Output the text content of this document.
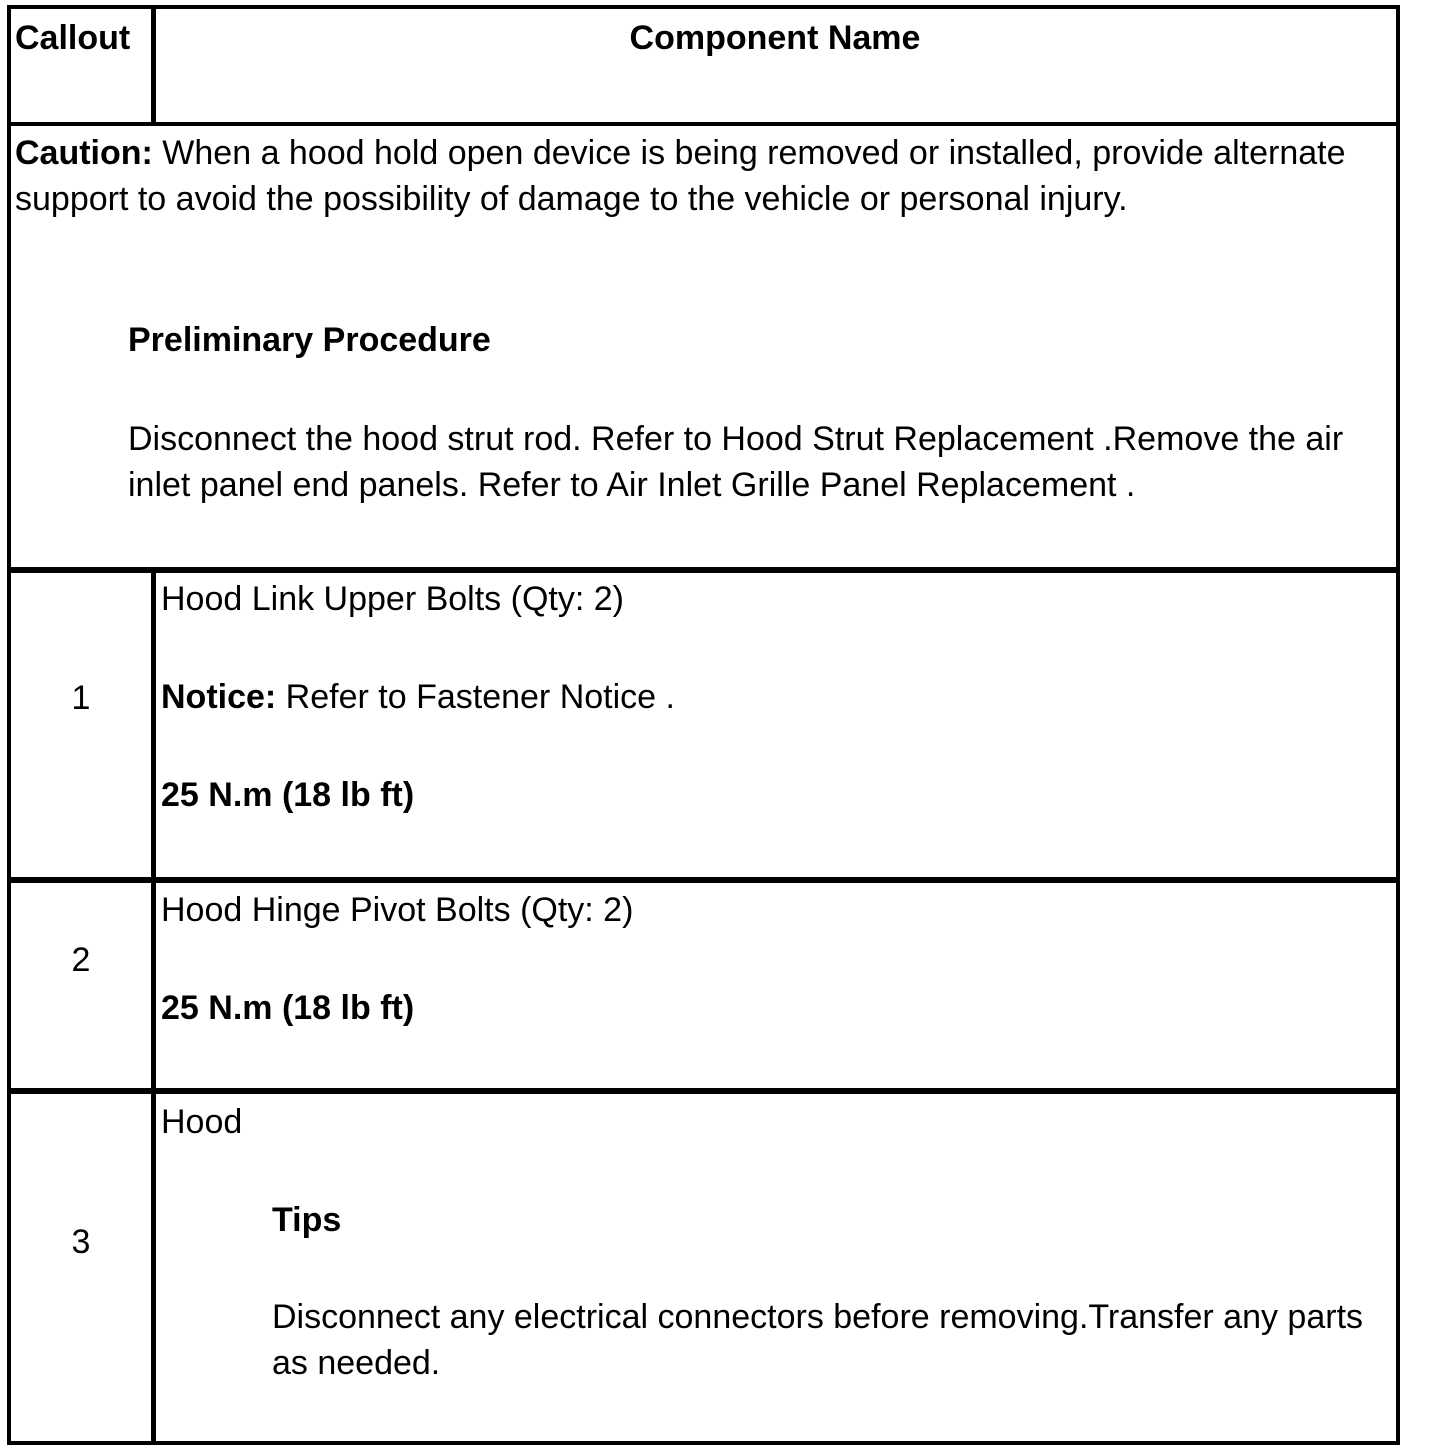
Callout	Component Name
Caution: When a hood hold open device is being removed or installed, provide alternate support to avoid the possibility of damage to the vehicle or personal injury.
Preliminary Procedure
Disconnect the hood strut rod. Refer to Hood Strut Replacement .Remove the air inlet panel end panels. Refer to Air Inlet Grille Panel Replacement .
1
Hood Link Upper Bolts (Qty: 2)
Notice: Refer to Fastener Notice .
25 N.m (18 lb ft)
2
Hood Hinge Pivot Bolts (Qty: 2)
25 N.m (18 lb ft)
3
Hood
Tips
Disconnect any electrical connectors before removing.Transfer any parts as needed.
